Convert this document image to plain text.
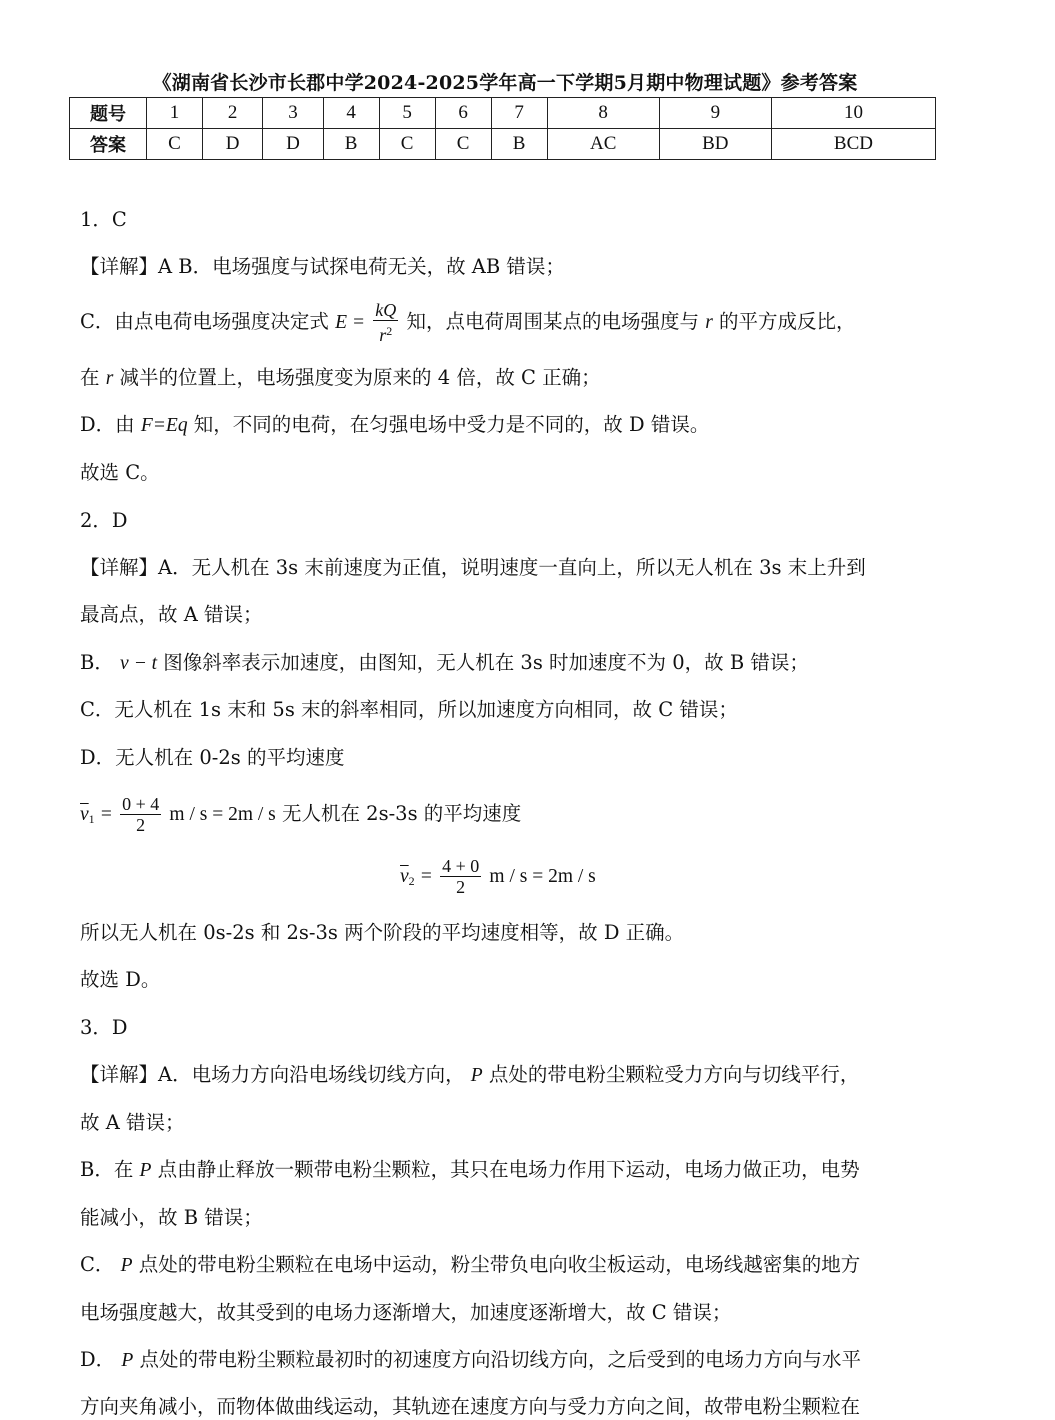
《湖南省长沙市长郡中学2024-2025学年高一下学期5月期中物理试题》参考答案
题号	1	2	3	4	5	6	7	8	9	10
答案	C	D	D	B	C	C	B	AC	BD	BCD
1．C
【详解】A B．电场强度与试探电荷无关，故 AB 错误；
C．由点电荷电场强度决定式 $E = \frac{kQ}{r^2}$ 知，点电荷周围某点的电场强度与 r 的平方成反比，
在 r 减半的位置上，电场强度变为原来的 4 倍，故 C 正确；
D．由 F=Eq 知，不同的电荷，在匀强电场中受力是不同的，故 D 错误。
故选 C。
2．D
【详解】A．无人机在 3s 末前速度为正值，说明速度一直向上，所以无人机在 3s 末上升到
最高点，故 A 错误；
B． v − t 图像斜率表示加速度，由图知，无人机在 3s 时加速度不为 0，故 B 错误；
C．无人机在 1s 末和 5s 末的斜率相同，所以加速度方向相同，故 C 错误；
D．无人机在 0-2s 的平均速度
$\overline{v}_1 = \frac{0 + 4}{2}$ m / s = 2m / s 无人机在 2s-3s 的平均速度
$\overline{v}_2 = \frac{4 + 0}{2}$ m / s = 2m / s
所以无人机在 0s-2s 和 2s-3s 两个阶段的平均速度相等，故 D 正确。
故选 D。
3．D
【详解】A．电场力方向沿电场线切线方向， P 点处的带电粉尘颗粒受力方向与切线平行，
故 A 错误；
B．在 P 点由静止释放一颗带电粉尘颗粒，其只在电场力作用下运动，电场力做正功，电势
能减小，故 B 错误；
C． P 点处的带电粉尘颗粒在电场中运动，粉尘带负电向收尘板运动，电场线越密集的地方
电场强度越大，故其受到的电场力逐渐增大，加速度逐渐增大，故 C 错误；
D． P 点处的带电粉尘颗粒最初时的初速度方向沿切线方向，之后受到的电场力方向与水平
方向夹角减小，而物体做曲线运动，其轨迹在速度方向与受力方向之间，故带电粉尘颗粒在
